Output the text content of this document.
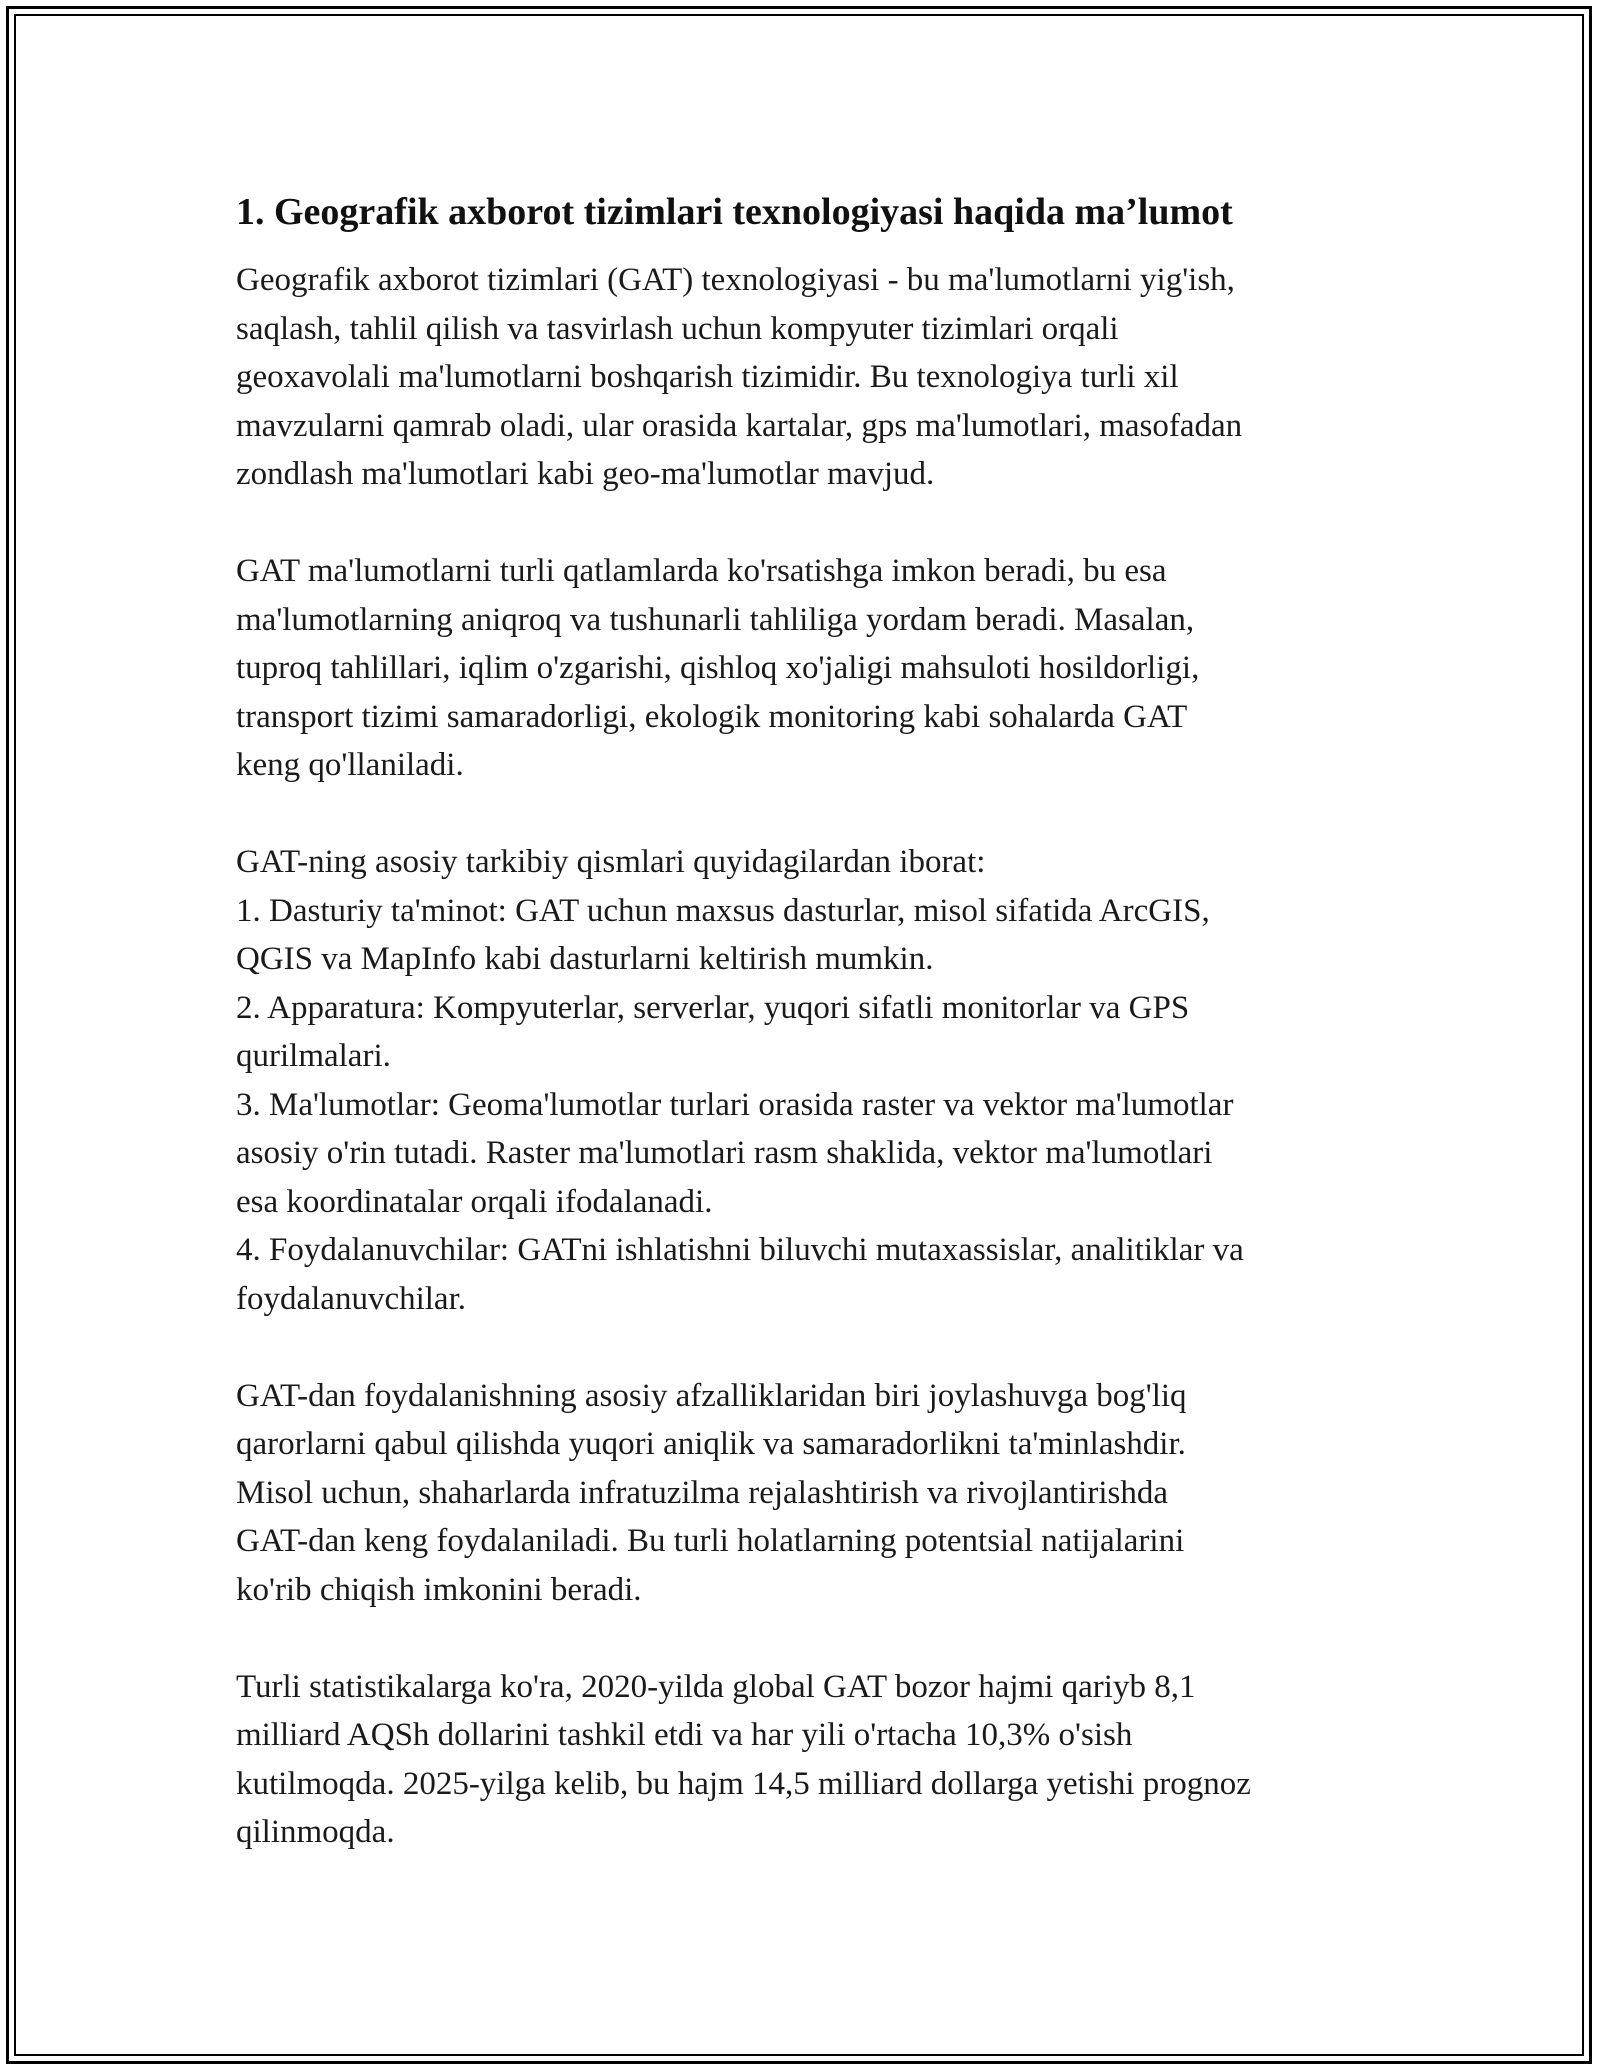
1. Geografik axborot tizimlari texnologiyasi haqida ma’lumot
Geografik axborot tizimlari (GAT) texnologiyasi - bu ma'lumotlarni yig'ish,
saqlash, tahlil qilish va tasvirlash uchun kompyuter tizimlari orqali
geoxavolali ma'lumotlarni boshqarish tizimidir. Bu texnologiya turli xil
mavzularni qamrab oladi, ular orasida kartalar, gps ma'lumotlari, masofadan
zondlash ma'lumotlari kabi geo-ma'lumotlar mavjud.
GAT ma'lumotlarni turli qatlamlarda ko'rsatishga imkon beradi, bu esa
ma'lumotlarning aniqroq va tushunarli tahliliga yordam beradi. Masalan,
tuproq tahlillari, iqlim o'zgarishi, qishloq xo'jaligi mahsuloti hosildorligi,
transport tizimi samaradorligi, ekologik monitoring kabi sohalarda GAT
keng qo'llaniladi.
GAT-ning asosiy tarkibiy qismlari quyidagilardan iborat:
1. Dasturiy ta'minot: GAT uchun maxsus dasturlar, misol sifatida ArcGIS,
QGIS va MapInfo kabi dasturlarni keltirish mumkin.
2. Apparatura: Kompyuterlar, serverlar, yuqori sifatli monitorlar va GPS
qurilmalari.
3. Ma'lumotlar: Geoma'lumotlar turlari orasida raster va vektor ma'lumotlar
asosiy o'rin tutadi. Raster ma'lumotlari rasm shaklida, vektor ma'lumotlari
esa koordinatalar orqali ifodalanadi.
4. Foydalanuvchilar: GATni ishlatishni biluvchi mutaxassislar, analitiklar va
foydalanuvchilar.
GAT-dan foydalanishning asosiy afzalliklaridan biri joylashuvga bog'liq
qarorlarni qabul qilishda yuqori aniqlik va samaradorlikni ta'minlashdir.
Misol uchun, shaharlarda infratuzilma rejalashtirish va rivojlantirishda
GAT-dan keng foydalaniladi. Bu turli holatlarning potentsial natijalarini
ko'rib chiqish imkonini beradi.
Turli statistikalarga ko'ra, 2020-yilda global GAT bozor hajmi qariyb 8,1
milliard AQSh dollarini tashkil etdi va har yili o'rtacha 10,3% o'sish
kutilmoqda. 2025-yilga kelib, bu hajm 14,5 milliard dollarga yetishi prognoz
qilinmoqda.
